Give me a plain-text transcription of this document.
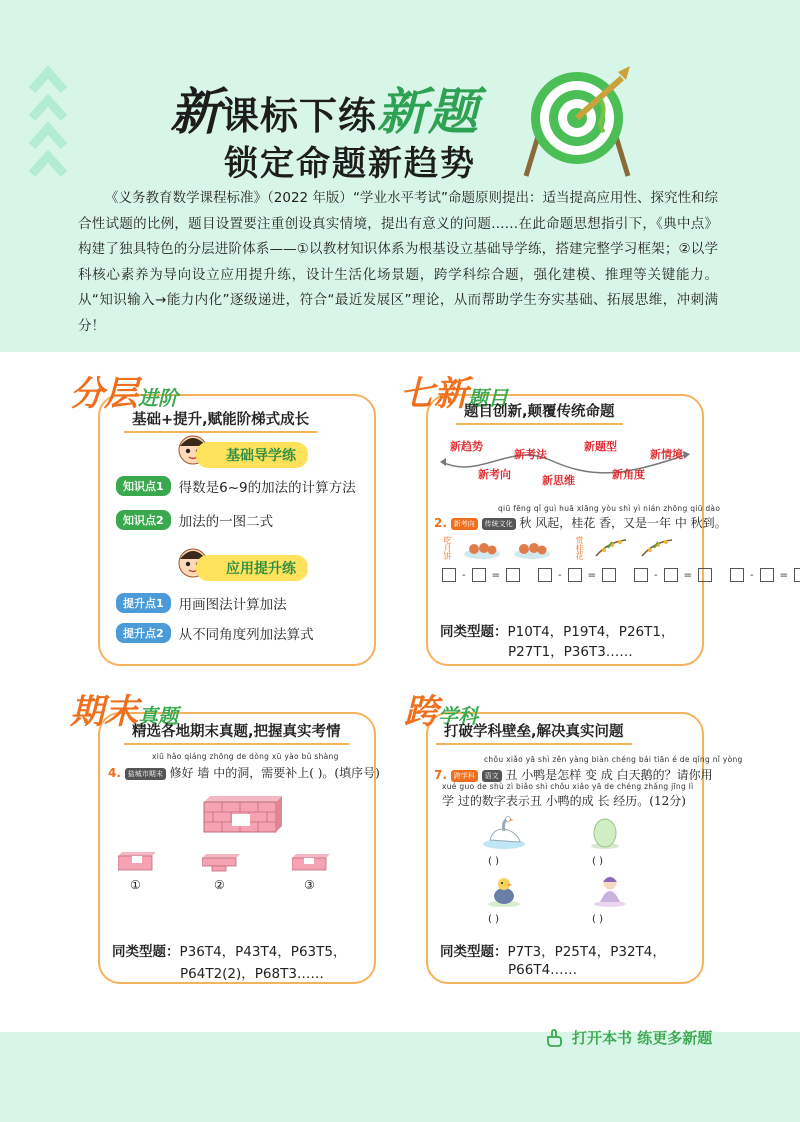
新课标下练新题
锁定命题新趋势

《义务教育数学课程标准》（2022 年版）“学业水平考试”命题原则提出：适当提高应用性、探究性和综合性试题的比例，题目设置要注重创设真实情境，提出有意义的问题……在此命题思想指引下，《典中点》构建了独具特色的分层进阶体系——①以教材知识体系为根基设立基础导学练，搭建完整学习框架；②以学科核心素养为导向设立应用提升练，设计生活化场景题，跨学科综合题，强化建模、推理等关键能力。从“知识输入→能力内化”逐级递进，符合“最近发展区”理论，从而帮助学生夯实基础、拓展思维，冲刺满分！

分层进阶
基础+提升,赋能阶梯式成长
基础导学练
知识点1	得数是6~9的加法的计算方法
知识点2	加法的一图二式
应用提升练
提升点1	用画图法计算加法
提升点2	从不同角度列加法算式
七新题目
题目创新,颠覆传统命题
新趋势
新考向
新考法
新思维
新题型
新角度
新情境
qiū fēng qǐ guì huā xiāng yòu shì yì nián zhōng qiū dào
2. 新考向 传统文化 秋 风起，桂花 香，又是一年 中 秋到。
吃月饼	赏桂花
-	=	-	=	-	=	-	=
同类型题：P10T4，P19T4，P26T1，
P27T1，P36T3……
期末真题
精选各地期末真题,把握真实考情
xiū hǎo qiáng zhōng de dòng xū yào bǔ shàng
4. 盐城市期末 修好 墙 中的洞，需要补上( )。(填序号)
①	②	③
同类型题：P36T4，P43T4，P63T5，
P64T2(2)，P68T3……
跨学科
打破学科壁垒,解决真实问题
chǒu xiǎo yā shì zěn yàng biàn chéng bái tiān é de qǐng nǐ yòng
7. 跨学科 语文 丑 小鸭是怎样 变 成 白天鹅的？请你用
xué guo de shù zì biǎo shì chǒu xiǎo yā de chéng zhǎng jīng lì
学 过的数字表示丑 小鸭的成 长 经历。(12分)
( )	( )
( )	( )
同类型题：P7T3，P25T4，P32T4，
P66T4……
打开本书 练更多新题
